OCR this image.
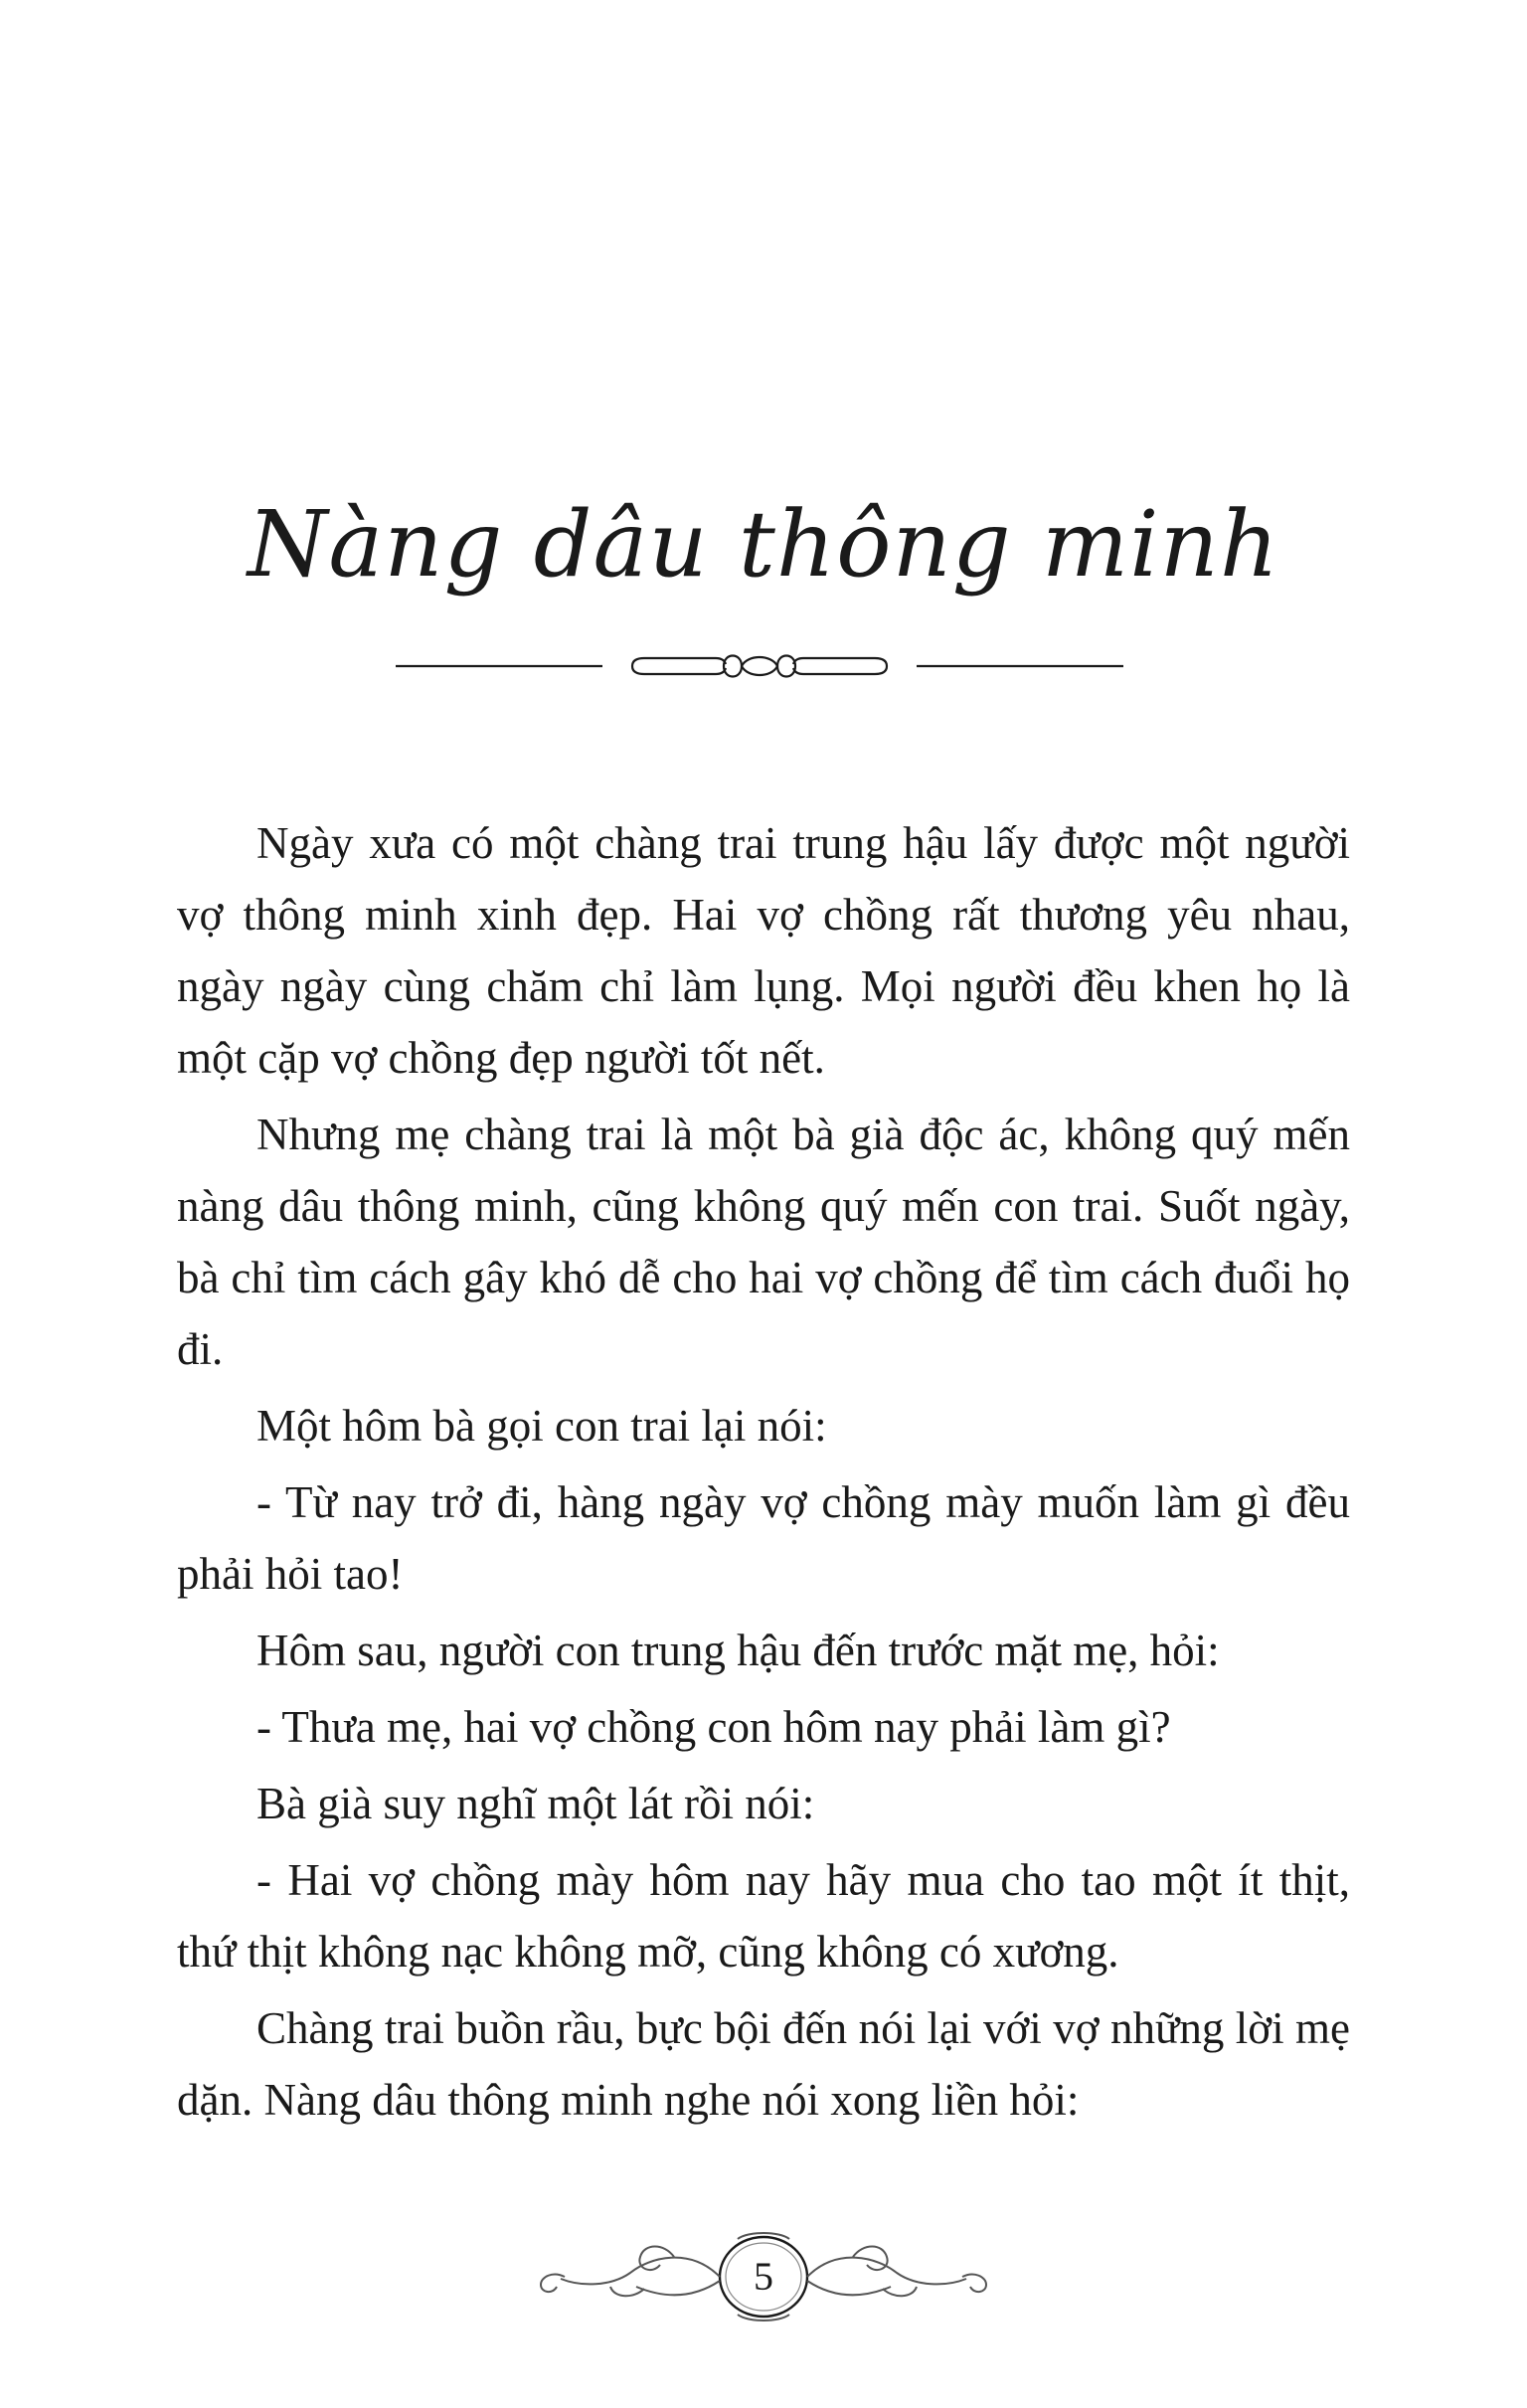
Nàng dâu thông minh

Ngày xưa có một chàng trai trung hậu lấy được một người vợ thông minh xinh đẹp. Hai vợ chồng rất thương yêu nhau, ngày ngày cùng chăm chỉ làm lụng. Mọi người đều khen họ là một cặp vợ chồng đẹp người tốt nết.

Nhưng mẹ chàng trai là một bà già độc ác, không quý mến nàng dâu thông minh, cũng không quý mến con trai. Suốt ngày, bà chỉ tìm cách gây khó dễ cho hai vợ chồng để tìm cách đuổi họ đi.

Một hôm bà gọi con trai lại nói:

- Từ nay trở đi, hàng ngày vợ chồng mày muốn làm gì đều phải hỏi tao!

Hôm sau, người con trung hậu đến trước mặt mẹ, hỏi:

- Thưa mẹ, hai vợ chồng con hôm nay phải làm gì?

Bà già suy nghĩ một lát rồi nói:

- Hai vợ chồng mày hôm nay hãy mua cho tao một ít thịt, thứ thịt không nạc không mỡ, cũng không có xương.

Chàng trai buồn rầu, bực bội đến nói lại với vợ những lời mẹ dặn. Nàng dâu thông minh nghe nói xong liền hỏi:

5
